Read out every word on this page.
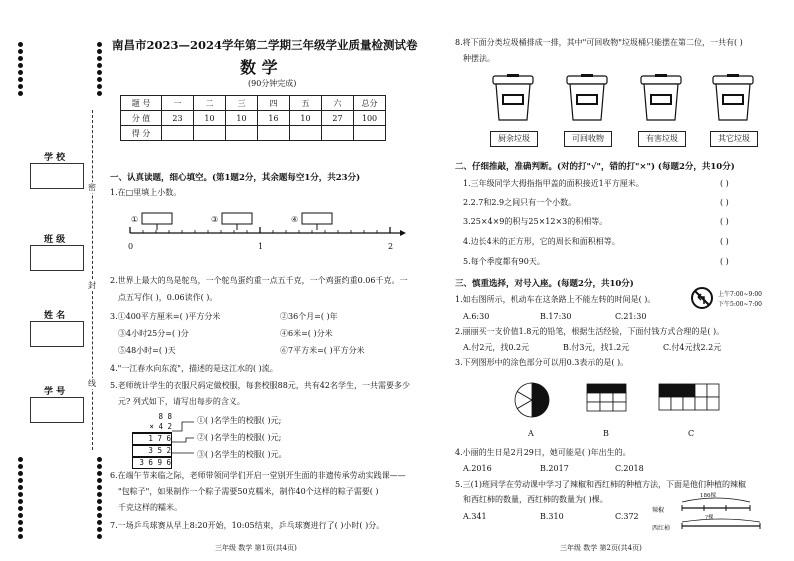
学 校
班 级
姓 名
学 号
密
封
线
南昌市2023—2024学年第二学期三年级学业质量检测试卷
数 学
(90分钟完成)
题 号	一	二	三	四	五	六	总分
分 值	23	10	10	16	10	27	100
得 分							
一、认真读题，细心填空。(第1题2分，其余题每空1分，共23分)
1.在□里填上小数。
①	③	④
0	1	2
2.世界上最大的鸟是鸵鸟，一个鸵鸟蛋约重一点五千克，一个鸡蛋约重0.06千克。一
点五写作( )，0.06读作( )。
3.①400平方厘米=( )平方分米	②36个月=( )年
③4小时25分=( )分	④6米=( )分米
⑤48小时=( )天	⑥7平方米=( )平方分米
4."一江春水向东流"，描述的是这江水的( )流。
5.老师统计学生的衣服尺码定做校服，每套校服88元，共有42名学生，一共需要多少
元? 列式如下，请写出每步的含义。
8 8
× 4 2
1 7 6
3 5 2
3 6 9 6
①( )名学生的校服( )元;
②( )名学生的校服( )元;
③( )名学生的校服( )元。
6.在端午节来临之际，老师带领同学们开启一堂别开生面的非遗传承劳动实践课——
"包粽子"，如果制作一个粽子需要50克糯米，制作40个这样的粽子需要( )
千克这样的糯米。
7.一场乒乓球赛从早上8:20开始，10:05结束，乒乓球赛进行了( )小时( )分。
三年级 数学 第1页(共4页)
8.将下面分类垃圾桶排成一排，其中"可回收物"垃圾桶只能摆在第二位，一共有( )
种摆法。
厨余垃圾	可回收物	有害垃圾	其它垃圾
二、仔细推敲，准确判断。(对的打"√"，错的打"×") (每题2分，共10分)
1.三年级同学大拇指指甲盖的面积接近1平方厘米。
2.2.7和2.9之间只有一个小数。
3.25×4×9的积与25×12×3的积相等。
4.边长4米的正方形，它的周长和面积相等。
5.每个季度都有90天。
( )
( )
( )
( )
( )
三、慎重选择，对号入座。(每题2分，共10分)
1.如右图所示，机动车在这条路上不能左转的时间是( )。
A.6:30	B.17:30	C.21:30
上午7:00~9:00
下午5:00~7:00
2.丽丽买一支价值1.8元的铅笔，根据生活经验，下面付钱方式合理的是( )。
A.付2元，找0.2元	B.付3元，找1.2元	C.付4元找2.2元
3.下列图形中的涂色部分可以用0.3表示的是( )。
A	B	C
4.小丽的生日是2月29日，她可能是( )年出生的。
A.2016	B.2017	C.2018
5.三(1)班同学在劳动课中学习了辣椒和西红柿的种植方法，下面是他们种植的辣椒
和西红柿的数量，西红柿的数量为( )棵。
A.341	B.310	C.372
186棵
?棵
辣椒
西红柿
三年级 数学 第2页(共4页)
